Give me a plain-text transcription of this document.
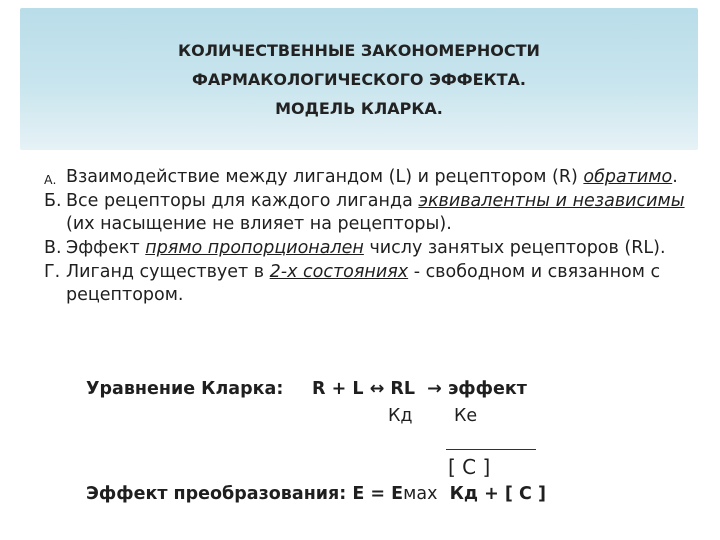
КОЛИЧЕСТВЕННЫЕ ЗАКОНОМЕРНОСТИ
ФАРМАКОЛОГИЧЕСКОГО ЭФФЕКТА.
МОДЕЛЬ КЛАРКА.
А. Взаимодействие между лигандом (L) и рецептором (R) обратимо.
Б. Все рецепторы для каждого лиганда эквивалентны и независимы (их насыщение не влияет на рецепторы).
В. Эффект прямо пропорционален числу занятых рецепторов (RL).
Г. Лиганд существует в 2-х состояниях - свободном и связанном с рецептором.
Уравнение Кларка: R + L ↔ RL → эффект
Кд Ке
[ C ]
Эффект преобразования: Е = Емах Кд + [ С ]
